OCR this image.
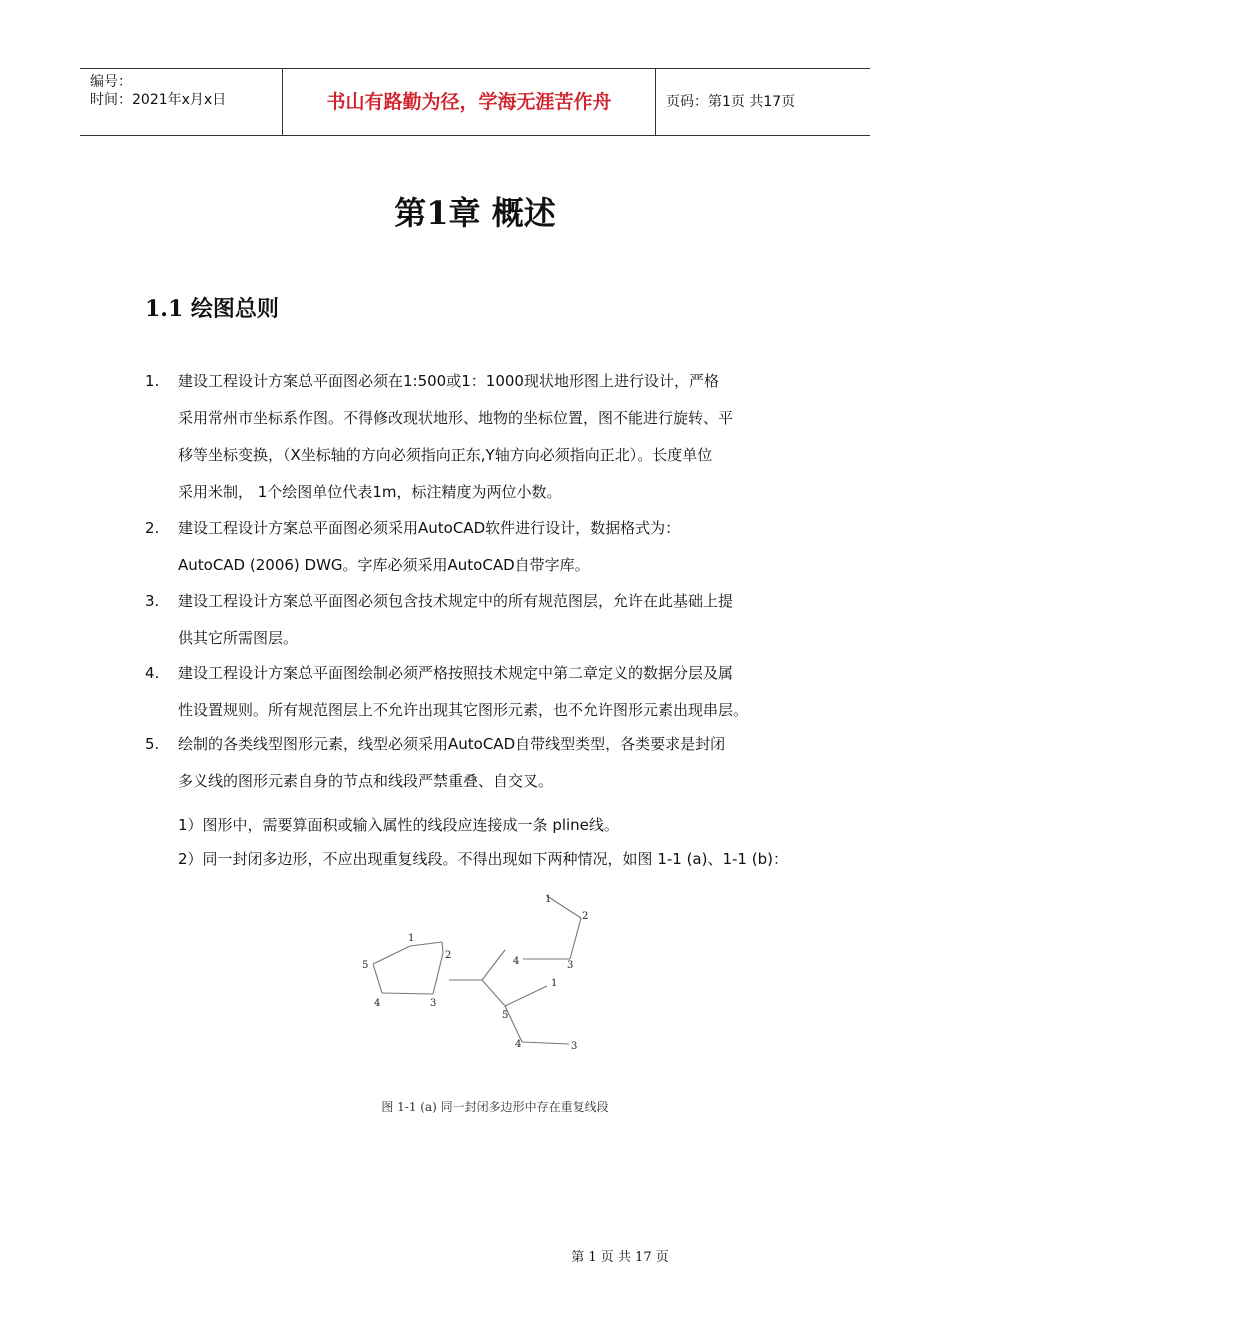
编号：
时间：2021年x月x日	书山有路勤为径，学海无涯苦作舟	页码：第1页 共17页
第1章 概述
1.1 绘图总则
1. 建设工程设计方案总平面图必须在1:500或1：1000现状地形图上进行设计，严格
采用常州市坐标系作图。不得修改现状地形、地物的坐标位置，图不能进行旋转、平
移等坐标变换，（X坐标轴的方向必须指向正东,Y轴方向必须指向正北）。长度单位
采用米制， 1个绘图单位代表1m，标注精度为两位小数。
2. 建设工程设计方案总平面图必须采用AutoCAD软件进行设计，数据格式为：
AutoCAD (2006) DWG。字库必须采用AutoCAD自带字库。
3. 建设工程设计方案总平面图必须包含技术规定中的所有规范图层，允许在此基础上提
供其它所需图层。
4. 建设工程设计方案总平面图绘制必须严格按照技术规定中第二章定义的数据分层及属
性设置规则。所有规范图层上不允许出现其它图形元素，也不允许图形元素出现串层。
5. 绘制的各类线型图形元素，线型必须采用AutoCAD自带线型类型，各类要求是封闭
多义线的图形元素自身的节点和线段严禁重叠、自交叉。
1）图形中，需要算面积或输入属性的线段应连接成一条 pline线。
2）同一封闭多边形，不应出现重复线段。不得出现如下两种情况，如图 1-1 (a)、1-1 (b)：
1
2
3
4
5
1
2
4	3
1
5
4	3
图 1-1 (a) 同一封闭多边形中存在重复线段
第 1 页 共 17 页
